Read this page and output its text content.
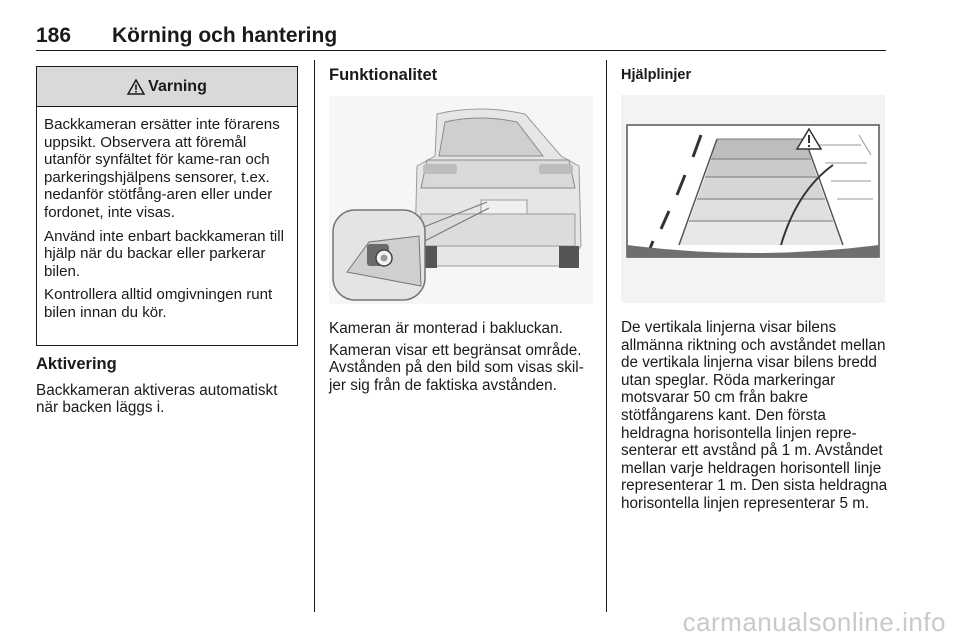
186 Körning och hantering
Varning

Backkameran ersätter inte förarens uppsikt. Observera att föremål utanför synfältet för kame-ran och parkeringshjälpens sensorer, t.ex. nedanför stötfång-aren eller under fordonet, inte visas.

Använd inte enbart backkameran till hjälp när du backar eller parkerar bilen.

Kontrollera alltid omgivningen runt bilen innan du kör.

Aktivering

Backkameran aktiveras automatiskt när backen läggs i.

Funktionalitet

Kameran är monterad i bakluckan.

Kameran visar ett begränsat område. Avstånden på den bild som visas skil-jer sig från de faktiska avstånden.

Hjälplinjer

De vertikala linjerna visar bilens allmänna riktning och avståndet mellan de vertikala linjerna visar bilens bredd utan speglar. Röda markeringar motsvarar 50 cm från bakre stötfångarens kant. Den första heldragna horisontella linjen repre-senterar ett avstånd på 1 m. Avståndet mellan varje heldragen horisontell linje representerar 1 m. Den sista heldragna horisontella linjen representerar 5 m.

carmanualsonline.info
